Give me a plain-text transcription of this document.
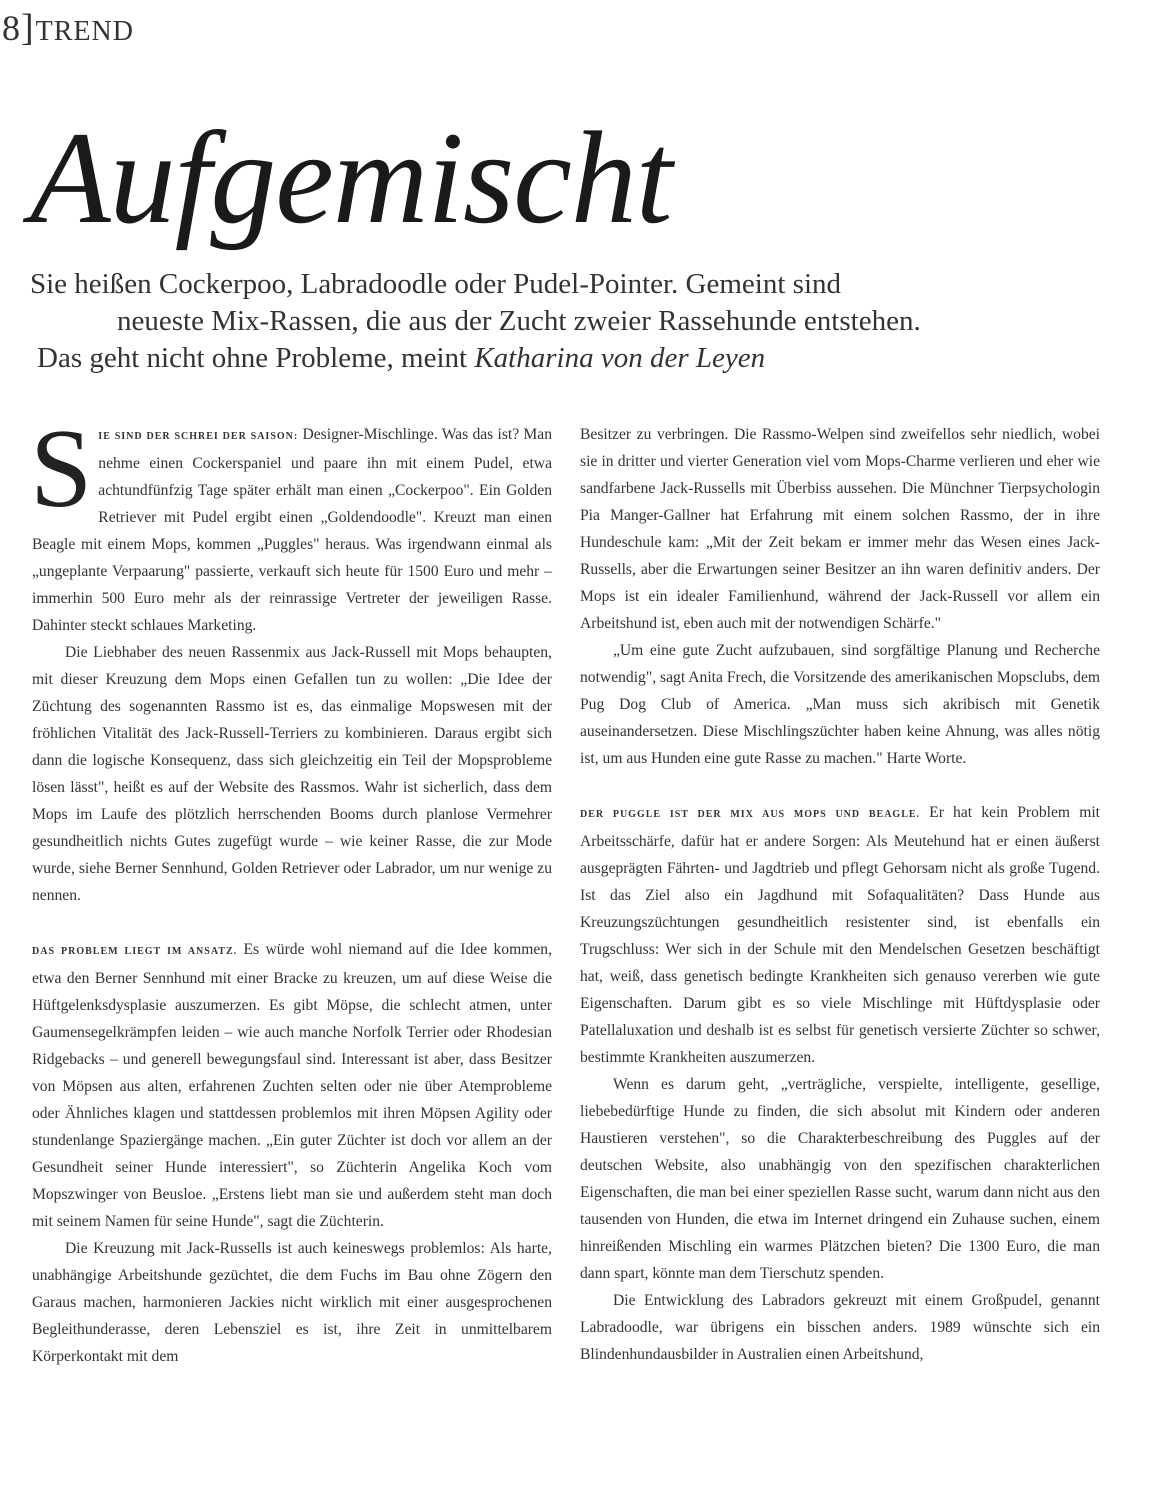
8 ] TREND
Aufgemischt
Sie heißen Cockerpoo, Labradoodle oder Pudel-Pointer. Gemeint sind
neueste Mix-Rassen, die aus der Zucht zweier Rassehunde entstehen.
Das geht nicht ohne Probleme, meint Katharina von der Leyen

SIE SIND DER SCHREI DER SAISON: Designer-Mischlinge. Was das ist? Man nehme einen Cockerspaniel und paare ihn mit einem Pudel, etwa achtundfünfzig Tage später erhält man einen „Cockerpoo". Ein Golden Retriever mit Pudel ergibt einen „Goldendoodle". Kreuzt man einen Beagle mit einem Mops, kommen „Puggles" heraus. Was irgendwann einmal als „ungeplante Verpaarung" passierte, verkauft sich heute für 1500 Euro und mehr – immerhin 500 Euro mehr als der reinrassige Vertreter der jeweiligen Rasse. Dahinter steckt schlaues Marketing.

Die Liebhaber des neuen Rassenmix aus Jack-Russell mit Mops behaupten, mit dieser Kreuzung dem Mops einen Gefallen tun zu wollen: „Die Idee der Züchtung des sogenannten Rassmo ist es, das einmalige Mopswesen mit der fröhlichen Vitalität des Jack-Russell-Terriers zu kombinieren. Daraus ergibt sich dann die logische Konsequenz, dass sich gleichzeitig ein Teil der Mopsprobleme lösen lässt", heißt es auf der Website des Rassmos. Wahr ist sicherlich, dass dem Mops im Laufe des plötzlich herrschenden Booms durch planlose Vermehrer gesundheitlich nichts Gutes zugefügt wurde – wie keiner Rasse, die zur Mode wurde, siehe Berner Sennhund, Golden Retriever oder Labrador, um nur wenige zu nennen.

DAS PROBLEM LIEGT IM ANSATZ. Es würde wohl niemand auf die Idee kommen, etwa den Berner Sennhund mit einer Bracke zu kreuzen, um auf diese Weise die Hüftgelenksdysplasie auszumerzen. Es gibt Möpse, die schlecht atmen, unter Gaumensegelkrämpfen leiden – wie auch manche Norfolk Terrier oder Rhodesian Ridgebacks – und generell bewegungsfaul sind. Interessant ist aber, dass Besitzer von Möpsen aus alten, erfahrenen Zuchten selten oder nie über Atemprobleme oder Ähnliches klagen und stattdessen problemlos mit ihren Möpsen Agility oder stundenlange Spaziergänge machen. „Ein guter Züchter ist doch vor allem an der Gesundheit seiner Hunde interessiert", so Züchterin Angelika Koch vom Mopszwinger von Beusloe. „Erstens liebt man sie und außerdem steht man doch mit seinem Namen für seine Hunde", sagt die Züchterin.

Die Kreuzung mit Jack-Russells ist auch keineswegs problemlos: Als harte, unabhängige Arbeitshunde gezüchtet, die dem Fuchs im Bau ohne Zögern den Garaus machen, harmonieren Jackies nicht wirklich mit einer ausgesprochenen Begleithunderasse, deren Lebensziel es ist, ihre Zeit in unmittelbarem Körperkontakt mit dem

Besitzer zu verbringen. Die Rassmo-Welpen sind zweifellos sehr niedlich, wobei sie in dritter und vierter Generation viel vom Mops-Charme verlieren und eher wie sandfarbene Jack-Russells mit Überbiss aussehen. Die Münchner Tierpsychologin Pia Manger-Gallner hat Erfahrung mit einem solchen Rassmo, der in ihre Hundeschule kam: „Mit der Zeit bekam er immer mehr das Wesen eines Jack-Russells, aber die Erwartungen seiner Besitzer an ihn waren definitiv anders. Der Mops ist ein idealer Familienhund, während der Jack-Russell vor allem ein Arbeitshund ist, eben auch mit der notwendigen Schärfe."

„Um eine gute Zucht aufzubauen, sind sorgfältige Planung und Recherche notwendig", sagt Anita Frech, die Vorsitzende des amerikanischen Mopsclubs, dem Pug Dog Club of America. „Man muss sich akribisch mit Genetik auseinandersetzen. Diese Mischlingszüchter haben keine Ahnung, was alles nötig ist, um aus Hunden eine gute Rasse zu machen." Harte Worte.

DER PUGGLE IST DER MIX AUS MOPS UND BEAGLE. Er hat kein Problem mit Arbeitsschärfe, dafür hat er andere Sorgen: Als Meutehund hat er einen äußerst ausgeprägten Fährten- und Jagdtrieb und pflegt Gehorsam nicht als große Tugend. Ist das Ziel also ein Jagdhund mit Sofaqualitäten? Dass Hunde aus Kreuzungszüchtungen gesundheitlich resistenter sind, ist ebenfalls ein Trugschluss: Wer sich in der Schule mit den Mendelschen Gesetzen beschäftigt hat, weiß, dass genetisch bedingte Krankheiten sich genauso vererben wie gute Eigenschaften. Darum gibt es so viele Mischlinge mit Hüftdysplasie oder Patellaluxation und deshalb ist es selbst für genetisch versierte Züchter so schwer, bestimmte Krankheiten auszumerzen.

Wenn es darum geht, „verträgliche, verspielte, intelligente, gesellige, liebebedürftige Hunde zu finden, die sich absolut mit Kindern oder anderen Haustieren verstehen", so die Charakterbeschreibung des Puggles auf der deutschen Website, also unabhängig von den spezifischen charakterlichen Eigenschaften, die man bei einer speziellen Rasse sucht, warum dann nicht aus den tausenden von Hunden, die etwa im Internet dringend ein Zuhause suchen, einem hinreißenden Mischling ein warmes Plätzchen bieten? Die 1300 Euro, die man dann spart, könnte man dem Tierschutz spenden.

Die Entwicklung des Labradors gekreuzt mit einem Großpudel, genannt Labradoodle, war übrigens ein bisschen anders. 1989 wünschte sich ein Blindenhundausbilder in Australien einen Arbeitshund,
